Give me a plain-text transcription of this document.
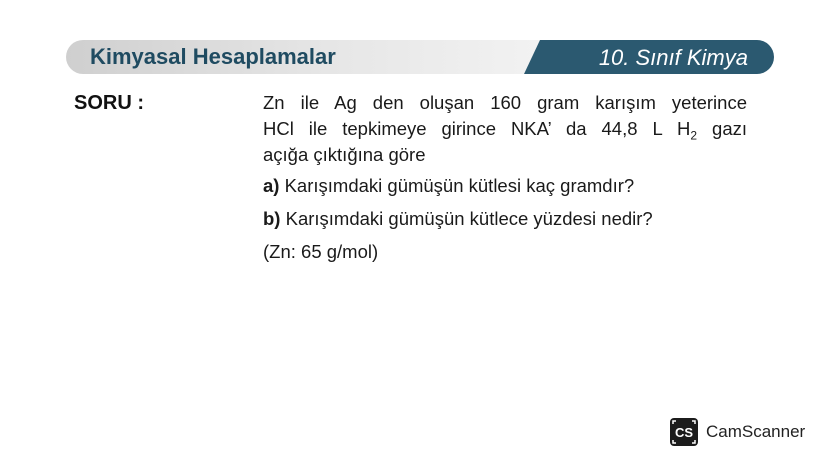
Kimyasal Hesaplamalar	10. Sınıf Kimya
SORU :	Zn ile Ag den oluşan 160 gram karışım yeterince
HCl ile tepkimeye girince NKA’ da 44,8 L $H_2$ gazı
açığa çıktığına göre

a) Karışımdaki gümüşün kütlesi kaç gramdır?

b) Karışımdaki gümüşün kütlece yüzdesi nedir?

(Zn: 65 g/mol)

CS CamScanner
